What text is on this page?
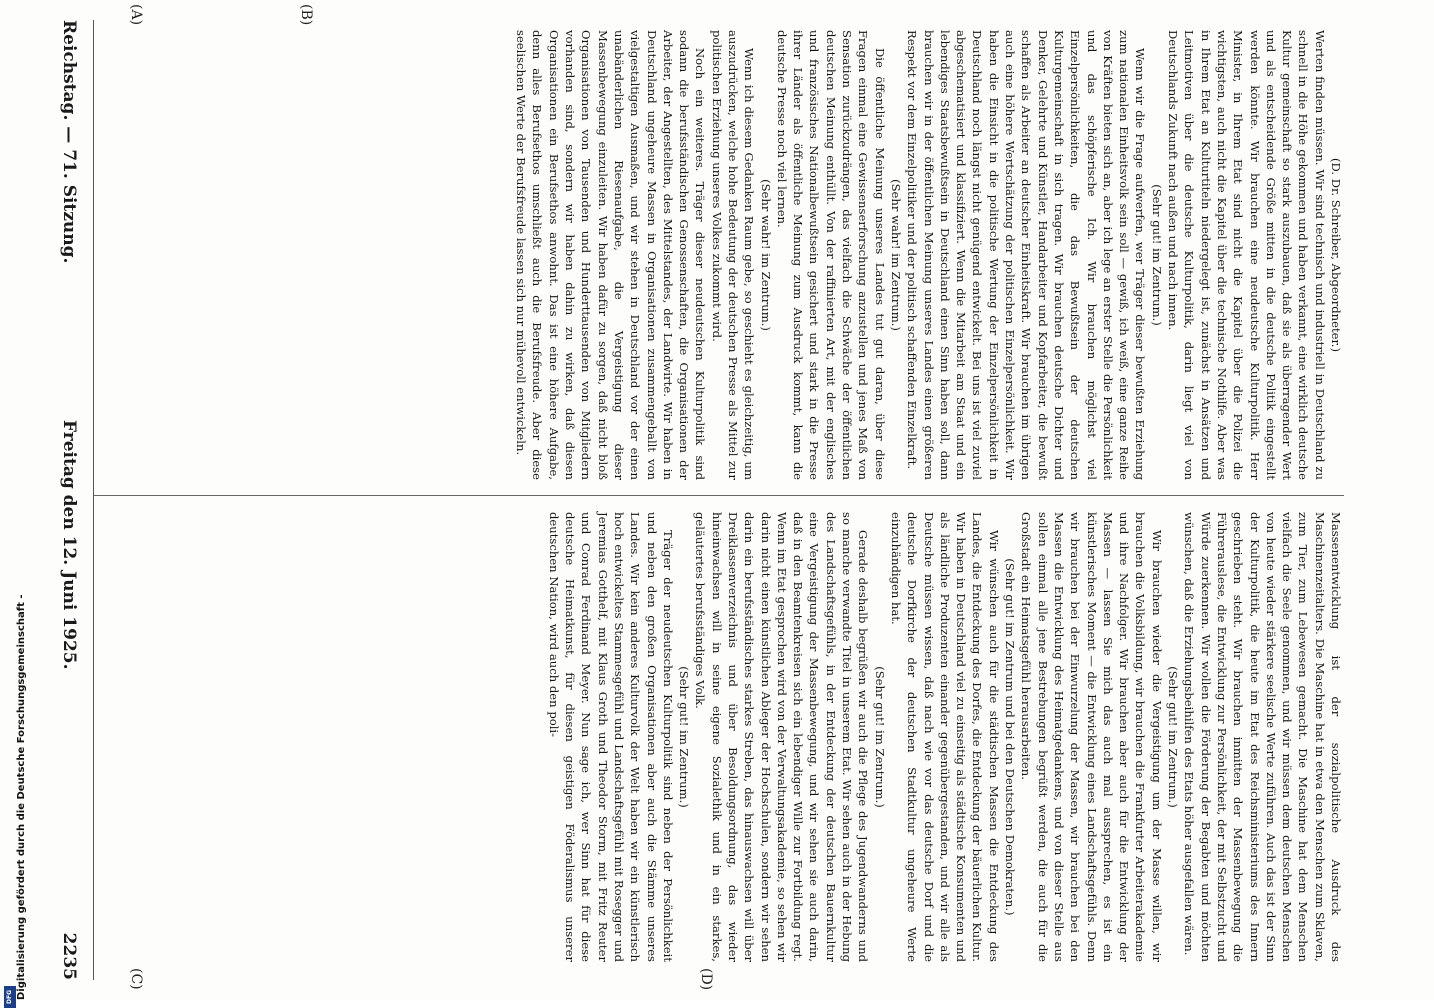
Digitalisierung gefördert durch die Deutsche Forschungsgemeinschaft -
DFG
Reichstag. — 71. Sitzung.
Freitag den 12. Juni 1925.
2235
(A)	(B)
(C)	(D)
(D. Dr. Schreiber, Abgeordneter.)

Werten finden müssen. Wir sind technisch und industriell in Deutschland zu schnell in die Höhe gekommen und haben verkannt, eine wirklich deutsche Kultur gemeinschaft so stark auszubauen, daß sie als überragender Wert und als entscheidende Größe mitten in die deutsche Politik eingestellt werden könnte. Wir brauchen eine neudeutsche Kulturpolitik. Herr Minister, in Ihrem Etat sind nicht die Kapitel über die Polizei die wichtigsten, auch nicht die Kapitel über die technische Nothilfe. Aber was in Ihrem Etat an Kulturtiteln niedergelegt ist, zunächst in Ansätzen und Leitmotiven über die deutsche Kulturpolitik, darin liegt viel von Deutschlands Zukunft nach außen und nach innen.

(Sehr gut! im Zentrum.)

Wenn wir die Frage aufwerfen, wer Träger dieser bewußten Erziehung zum nationalen Einheitsvolk sein soll — gewiß, ich weiß, eine ganze Reihe von Kräften bieten sich an, aber ich lege an erster Stelle die Persönlichkeit und das schöpferische Ich. Wir brauchen möglichst viel Einzelpersönlichkeiten, die das Bewußtsein der deutschen Kulturgemeinschaft in sich tragen. Wir brauchen deutsche Dichter und Denker, Gelehrte und Künstler, Handarbeiter und Kopfarbeiter, die bewußt schaffen als Arbeiter an deutscher Einheitskraft. Wir brauchen im übrigen auch eine höhere Wertschätzung der politischen Einzelpersönlichkeit. Wir haben die Einsicht in die politische Wertung der Einzelpersönlichkeit in Deutschland noch längst nicht genügend entwickelt. Bei uns ist viel zuviel abgeschematisiert und klassifiziert. Wenn die Mitarbeit am Staat und ein lebendiges Staatsbewußtsein in Deutschland einen Sinn haben soll, dann brauchen wir in der öffentlichen Meinung unseres Landes einen größeren Respekt vor dem Einzelpolitiker und der politisch schaffenden Einzelkraft.

(Sehr wahr! im Zentrum.)

Die öffentliche Meinung unseres Landes tut gut daran, über diese Fragen einmal eine Gewissenserforschung anzustellen und jenes Maß von Sensation zurückzudrängen, das vielfach die Schwäche der öffentlichen deutschen Meinung enthüllt. Von der raffinierten Art, mit der englisches und französisches Nationalbewußtsein gesichert und stark in die Presse ihrer Länder als öffentliche Meinung zum Ausdruck kommt, kann die deutsche Presse noch viel lernen.

(Sehr wahr! im Zentrum.)

Wenn ich diesem Gedanken Raum gebe, so geschieht es gleichzeitig, um auszudrücken, welche hohe Bedeutung der deutschen Presse als Mittel zur politischen Erziehung unseres Volkes zukommt wird.

Noch ein weiteres. Träger dieser neudeutschen Kulturpolitik sind sodann die berufsständischen Genossenschaften, die Organisationen der Arbeiter, der Angestellten, des Mittelstandes, der Landwirte. Wir haben in Deutschland ungeheure Massen in Organisationen zusammengeballt von vielgestaltigen Ausmaßen, und wir stehen in Deutschland vor der einen unabänderlichen Riesenaufgabe, die Vergeistigung dieser Massenbewegung einzuleiten. Wir haben dafür zu sorgen, daß nicht bloß Organisationen von Tausenden und Hunderttausenden von Mitgliedern vorhanden sind, sondern wir haben dahin zu wirken, daß diesen Organisationen ein Berufsethos anwohnt. Das ist eine höhere Aufgabe, denn alles Berufsethos umschließt auch die Berufsfreude. Aber diese seelischen Werte der Berufsfreude lassen sich nur mühevoll entwickeln.

Massenentwicklung ist der sozialpolitische Ausdruck des Maschinenzeitalters. Die Maschine hat in etwa den Menschen zum Sklaven, zum Tier, zum Lebewesen gemacht. Die Maschine hat dem Menschen vielfach die Seele genommen, und wir müssen dem deutschen Menschen von heute wieder stärkere seelische Werte zuführen. Auch das ist der Sinn der Kulturpolitik, die heute im Etat des Reichsministeriums des Innern geschrieben steht. Wir brauchen inmitten der Massenbewegung die Führerauslese, die Entwicklung zur Persönlichkeit, der mit Selbstzucht und Würde zuerkennen. Wir wollen die Förderung der Begabten und möchten wünschen, daß die Erziehungsbeihilfen des Etats höher ausgefallen wären.

(Sehr gut! im Zentrum.)

Wir brauchen wieder die Vergeistigung um der Masse willen, wir brauchen die Volksbildung, wir brauchen die Frankfurter Arbeiterakademie und ihre Nachfolger. Wir brauchen aber auch für die Entwicklung der Massen — lassen Sie mich das auch mal aussprechen, es ist ein künstlerisches Moment — die Entwicklung eines Landschaftsgefühls. Denn wir brauchen bei der Einwurzelung der Massen, wir brauchen bei den Massen die Entwicklung des Heimatgedankens, und von dieser Stelle aus sollen einmal alle jene Bestrebungen begrüßt werden, die auch für die Großstadt ein Heimatsgefühl herausarbeiten.

(Sehr gut! im Zentrum und bei den Deutschen Demokraten.)

Wir wünschen auch für die städtischen Massen die Entdeckung des Landes, die Entdeckung des Dorfes, die Entdeckung der bäuerlichen Kultur. Wir haben in Deutschland viel zu einseitig als städtische Konsumenten und als ländliche Produzenten einander gegenübergestanden, und wir alle als Deutsche müssen wissen, daß nach wie vor das deutsche Dorf und die deutsche Dorfkirche der deutschen Stadtkultur ungeheure Werte einzuhändigen hat.

(Sehr gut! im Zentrum.)

Gerade deshalb begrüßen wir auch die Pflege des Jugendwanderns und so manche verwandte Titel in unserem Etat. Wir sehen auch in der Hebung des Landschaftsgefühls, in der Entdeckung der deutschen Bauernkultur eine Vergeistigung der Massenbewegung, und wir sehen sie auch darin, daß in den Beamtenkreisen sich ein lebendiger Wille zur Fortbildung regt. Wenn im Etat gesprochen wird von der Verwaltungsakademie, so sehen wir darin nicht einen künstlichen Ableger der Hochschulen, sondern wir sehen darin ein berufsständisches starkes Streben, das hinauswachsen will über Dreiklassenverzeichnis und über Besoldungsordnung, das wieder hineinwachsen will in seine eigene Sozialethik und in ein starkes, geläutertes berufsständiges Volk.

(Sehr gut! im Zentrum.)

Träger der neudeutschen Kulturpolitik sind neben der Persönlichkeit und neben den großen Organisationen aber auch die Stämme unseres Landes. Wir kein anderes Kulturvolk der Welt haben wir ein künstlerisch hoch entwickeltes Stammesgefühl und Landschaftsgefühl mit Rosegger und Jeremias Gotthelf, mit Klaus Groth und Theodor Storm, mit Fritz Reuter und Conrad Ferdinand Meyer. Nun sage ich, wer Sinn hat für diese deutsche Heimatkunst, für diesen geistigen Föderalismus unserer deutschen Nation, wird auch den poli-
